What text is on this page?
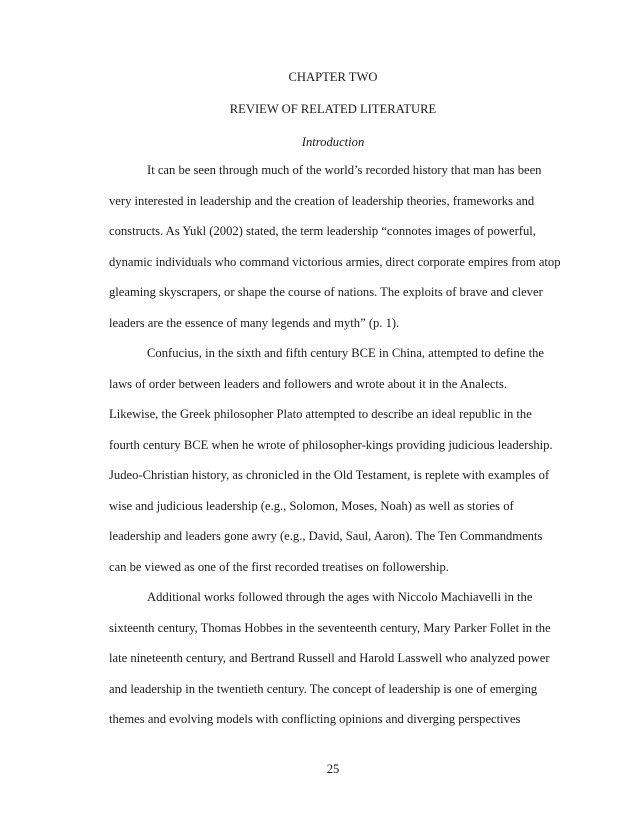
CHAPTER TWO
REVIEW OF RELATED LITERATURE
Introduction
It can be seen through much of the world’s recorded history that man has been
very interested in leadership and the creation of leadership theories, frameworks and
constructs. As Yukl (2002) stated, the term leadership “connotes images of powerful,
dynamic individuals who command victorious armies, direct corporate empires from atop
gleaming skyscrapers, or shape the course of nations. The exploits of brave and clever
leaders are the essence of many legends and myth” (p. 1).
Confucius, in the sixth and fifth century BCE in China, attempted to define the
laws of order between leaders and followers and wrote about it in the Analects.
Likewise, the Greek philosopher Plato attempted to describe an ideal republic in the
fourth century BCE when he wrote of philosopher-kings providing judicious leadership.
Judeo-Christian history, as chronicled in the Old Testament, is replete with examples of
wise and judicious leadership (e.g., Solomon, Moses, Noah) as well as stories of
leadership and leaders gone awry (e.g., David, Saul, Aaron). The Ten Commandments
can be viewed as one of the first recorded treatises on followership.
Additional works followed through the ages with Niccolo Machiavelli in the
sixteenth century, Thomas Hobbes in the seventeenth century, Mary Parker Follet in the
late nineteenth century, and Bertrand Russell and Harold Lasswell who analyzed power
and leadership in the twentieth century. The concept of leadership is one of emerging
themes and evolving models with conflicting opinions and diverging perspectives
25
